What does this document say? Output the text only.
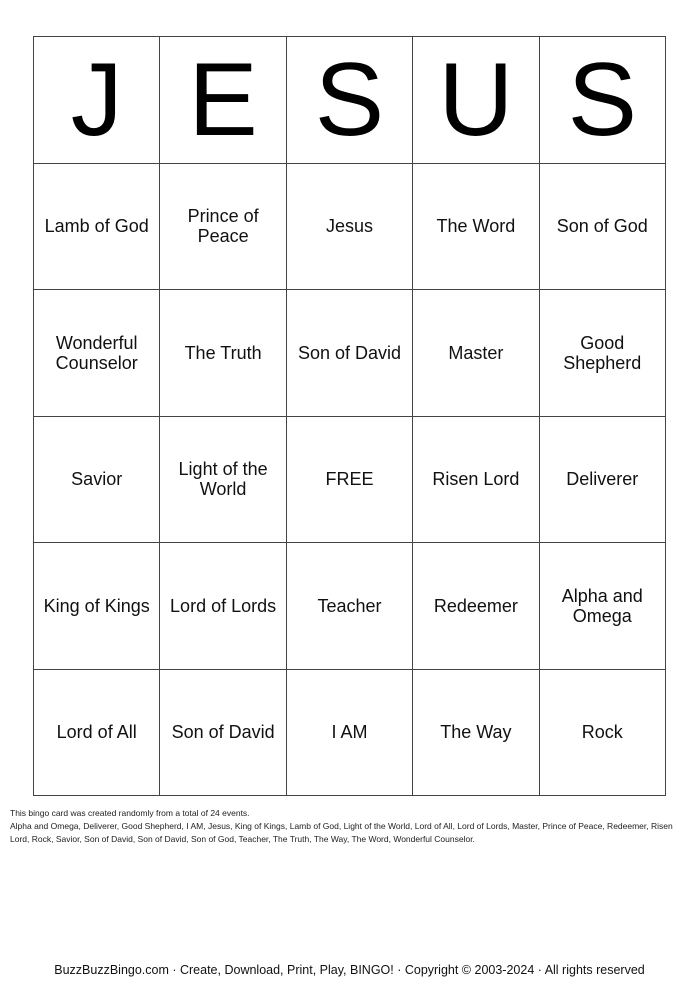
J E S U S
Lamb of God	Prince of Peace	Jesus	The Word	Son of God
Wonderful Counselor	The Truth	Son of David	Master	Good Shepherd
Savior	Light of the World	FREE	Risen Lord	Deliverer
King of Kings	Lord of Lords	Teacher	Redeemer	Alpha and Omega
Lord of All	Son of David	I AM	The Way	Rock

This bingo card was created randomly from a total of 24 events.

Alpha and Omega, Deliverer, Good Shepherd, I AM, Jesus, King of Kings, Lamb of God, Light of the World, Lord of All, Lord of Lords, Master, Prince of Peace, Redeemer, Risen Lord, Rock, Savior, Son of David, Son of David, Son of God, Teacher, The Truth, The Way, The Word, Wonderful Counselor.

BuzzBuzzBingo.com · Create, Download, Print, Play, BINGO! · Copyright © 2003-2024 · All rights reserved
